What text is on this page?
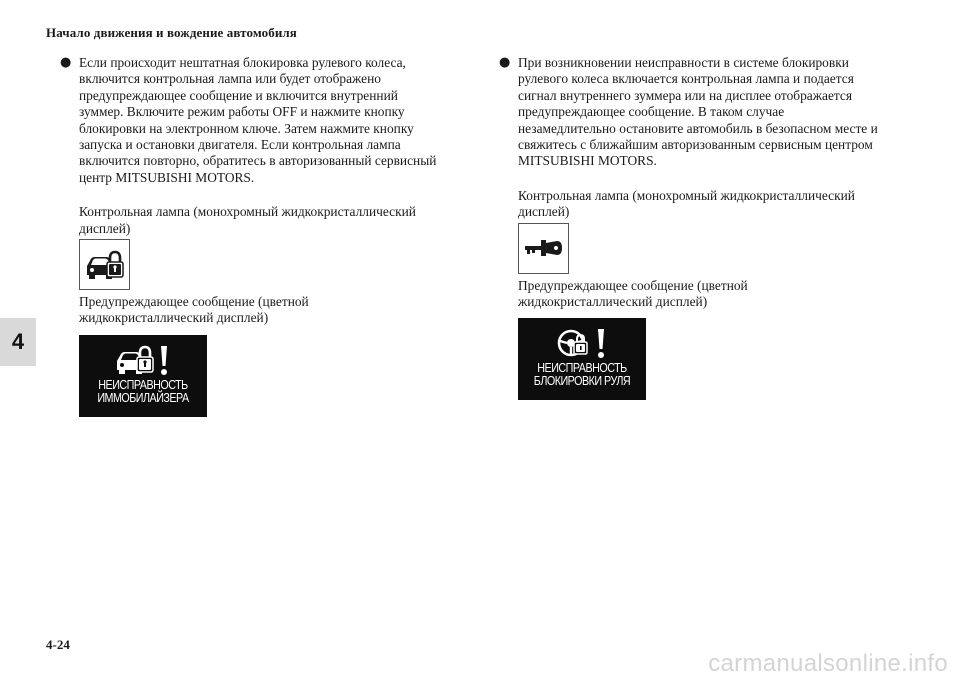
Начало движения и вождение автомобиля
4
● Если происходит нештатная блокировка рулевого колеса, включится контрольная лампа или будет отображено предупреждающее сообщение и включится внутренний зуммер. Включите режим работы OFF и нажмите кнопку блокировки на электронном ключе. Затем нажмите кнопку запуска и остановки двигателя. Если контрольная лампа включится повторно, обратитесь в авторизованный сервисный центр MITSUBISHI MOTORS.
Контрольная лампа (монохромный жидкокристаллический дисплей)
Предупреждающее сообщение (цветной жидкокристаллический дисплей)
НЕИСПРАВНОСТЬ
ИММОБИЛАЙЗЕРА
● При возникновении неисправности в системе блокировки рулевого колеса включается контрольная лампа и подается сигнал внутреннего зуммера или на дисплее отображается предупреждающее сообщение. В таком случае незамедлительно остановите автомобиль в безопасном месте и свяжитесь с ближайшим авторизованным сервисным центром MITSUBISHI MOTORS.
Контрольная лампа (монохромный жидкокристаллический дисплей)
Предупреждающее сообщение (цветной жидкокристаллический дисплей)
НЕИСПРАВНОСТЬ
БЛОКИРОВКИ РУЛЯ
4-24
carmanualsonline.info
